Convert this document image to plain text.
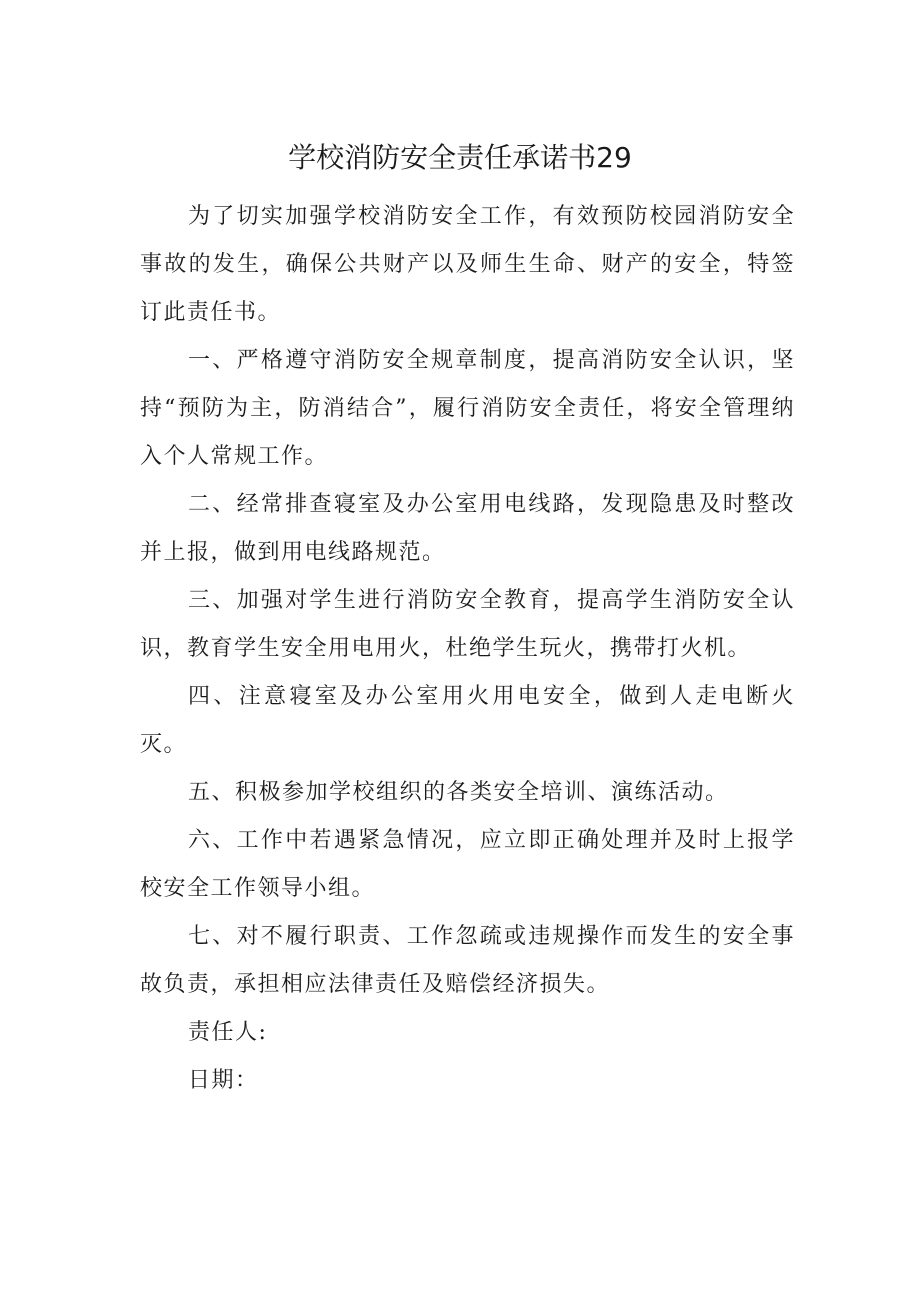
学校消防安全责任承诺书29

为了切实加强学校消防安全工作，有效预防校园消防安全事故的发生，确保公共财产以及师生生命、财产的安全，特签订此责任书。

一、严格遵守消防安全规章制度，提高消防安全认识，坚持“预防为主，防消结合”，履行消防安全责任，将安全管理纳入个人常规工作。

二、经常排查寝室及办公室用电线路，发现隐患及时整改并上报，做到用电线路规范。

三、加强对学生进行消防安全教育，提高学生消防安全认识，教育学生安全用电用火，杜绝学生玩火，携带打火机。

四、注意寝室及办公室用火用电安全，做到人走电断火灭。

五、积极参加学校组织的各类安全培训、演练活动。

六、工作中若遇紧急情况，应立即正确处理并及时上报学校安全工作领导小组。

七、对不履行职责、工作忽疏或违规操作而发生的安全事故负责，承担相应法律责任及赔偿经济损失。

责任人:

日期：
